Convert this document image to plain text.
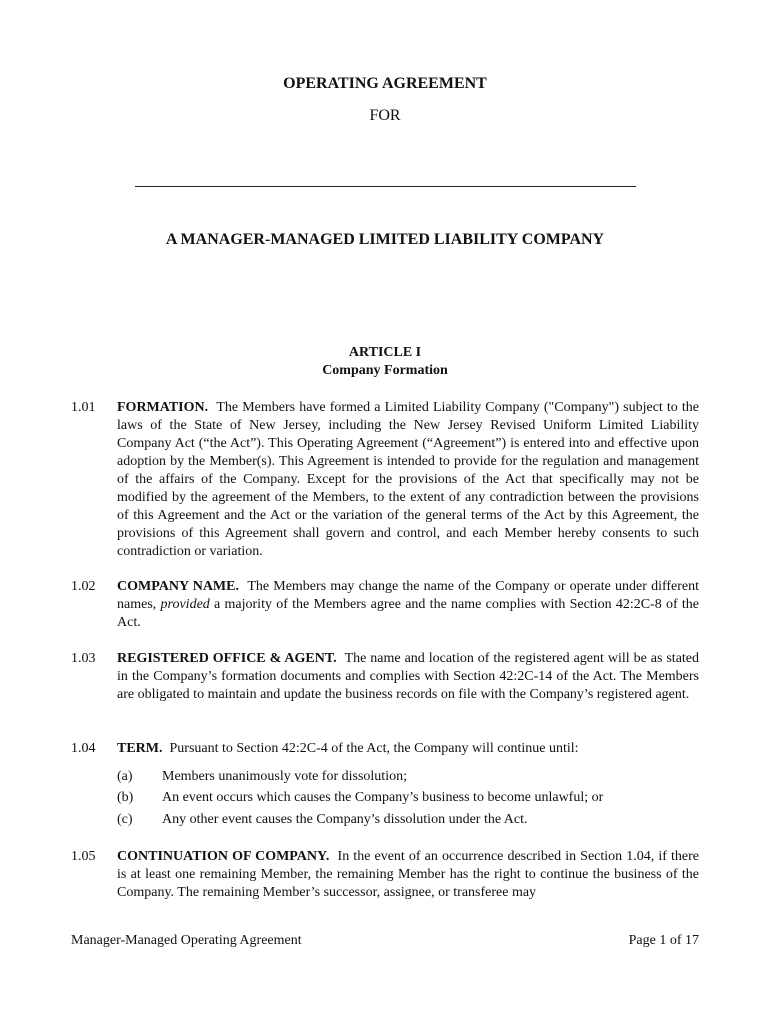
OPERATING AGREEMENT
FOR
A MANAGER-MANAGED LIMITED LIABILITY COMPANY
ARTICLE I
Company Formation
1.01	FORMATION. The Members have formed a Limited Liability Company ("Company") subject to the laws of the State of New Jersey, including the New Jersey Revised Uniform Limited Liability Company Act (“the Act”). This Operating Agreement (“Agreement”) is entered into and effective upon adoption by the Member(s). This Agreement is intended to provide for the regulation and management of the affairs of the Company. Except for the provisions of the Act that specifically may not be modified by the agreement of the Members, to the extent of any contradiction between the provisions of this Agreement and the Act or the variation of the general terms of the Act by this Agreement, the provisions of this Agreement shall govern and control, and each Member hereby consents to such contradiction or variation.
1.02	COMPANY NAME. The Members may change the name of the Company or operate under different names, provided a majority of the Members agree and the name complies with Section 42:2C-8 of the Act.
1.03	REGISTERED OFFICE & AGENT. The name and location of the registered agent will be as stated in the Company’s formation documents and complies with Section 42:2C-14 of the Act. The Members are obligated to maintain and update the business records on file with the Company’s registered agent.
1.04	TERM. Pursuant to Section 42:2C-4 of the Act, the Company will continue until:
(a) Members unanimously vote for dissolution;
(b) An event occurs which causes the Company’s business to become unlawful; or
(c) Any other event causes the Company’s dissolution under the Act.
1.05	CONTINUATION OF COMPANY. In the event of an occurrence described in Section 1.04, if there is at least one remaining Member, the remaining Member has the right to continue the business of the Company. The remaining Member’s successor, assignee, or transferee may
Manager-Managed Operating Agreement	Page 1 of 17
